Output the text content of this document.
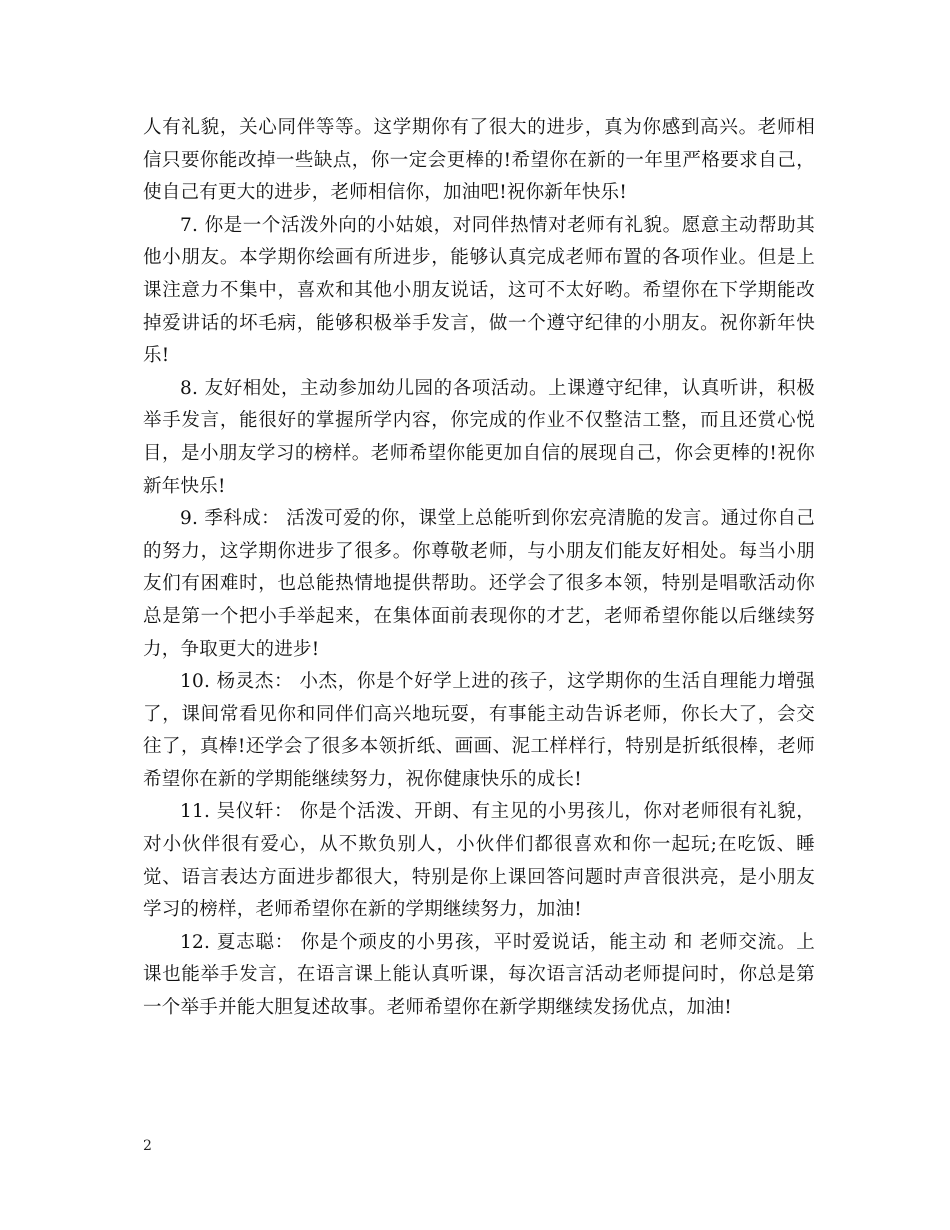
人有礼貌，关心同伴等等。这学期你有了很大的进步，真为你感到高兴。老师相信只要你能改掉一些缺点，你一定会更棒的!希望你在新的一年里严格要求自己，使自己有更大的进步，老师相信你，加油吧!祝你新年快乐!

7. 你是一个活泼外向的小姑娘，对同伴热情对老师有礼貌。愿意主动帮助其他小朋友。本学期你绘画有所进步，能够认真完成老师布置的各项作业。但是上课注意力不集中，喜欢和其他小朋友说话，这可不太好哟。希望你在下学期能改掉爱讲话的坏毛病，能够积极举手发言，做一个遵守纪律的小朋友。祝你新年快乐!

8. 友好相处，主动参加幼儿园的各项活动。上课遵守纪律，认真听讲，积极举手发言，能很好的掌握所学内容，你完成的作业不仅整洁工整，而且还赏心悦目，是小朋友学习的榜样。老师希望你能更加自信的展现自己，你会更棒的!祝你新年快乐!

9. 季科成： 活泼可爱的你，课堂上总能听到你宏亮清脆的发言。通过你自己的努力，这学期你进步了很多。你尊敬老师，与小朋友们能友好相处。每当小朋友们有困难时，也总能热情地提供帮助。还学会了很多本领，特别是唱歌活动你总是第一个把小手举起来，在集体面前表现你的才艺，老师希望你能以后继续努力，争取更大的进步!

10. 杨灵杰： 小杰，你是个好学上进的孩子，这学期你的生活自理能力增强了，课间常看见你和同伴们高兴地玩耍，有事能主动告诉老师，你长大了，会交往了，真棒!还学会了很多本领折纸、画画、泥工样样行，特别是折纸很棒，老师希望你在新的学期能继续努力，祝你健康快乐的成长!

11. 吴仪轩： 你是个活泼、开朗、有主见的小男孩儿，你对老师很有礼貌，对小伙伴很有爱心，从不欺负别人，小伙伴们都很喜欢和你一起玩;在吃饭、睡觉、语言表达方面进步都很大，特别是你上课回答问题时声音很洪亮，是小朋友学习的榜样，老师希望你在新的学期继续努力，加油!

12. 夏志聪： 你是个顽皮的小男孩，平时爱说话，能主动 和 老师交流。上课也能举手发言，在语言课上能认真听课，每次语言活动老师提问时，你总是第一个举手并能大胆复述故事。老师希望你在新学期继续发扬优点，加油!

2
